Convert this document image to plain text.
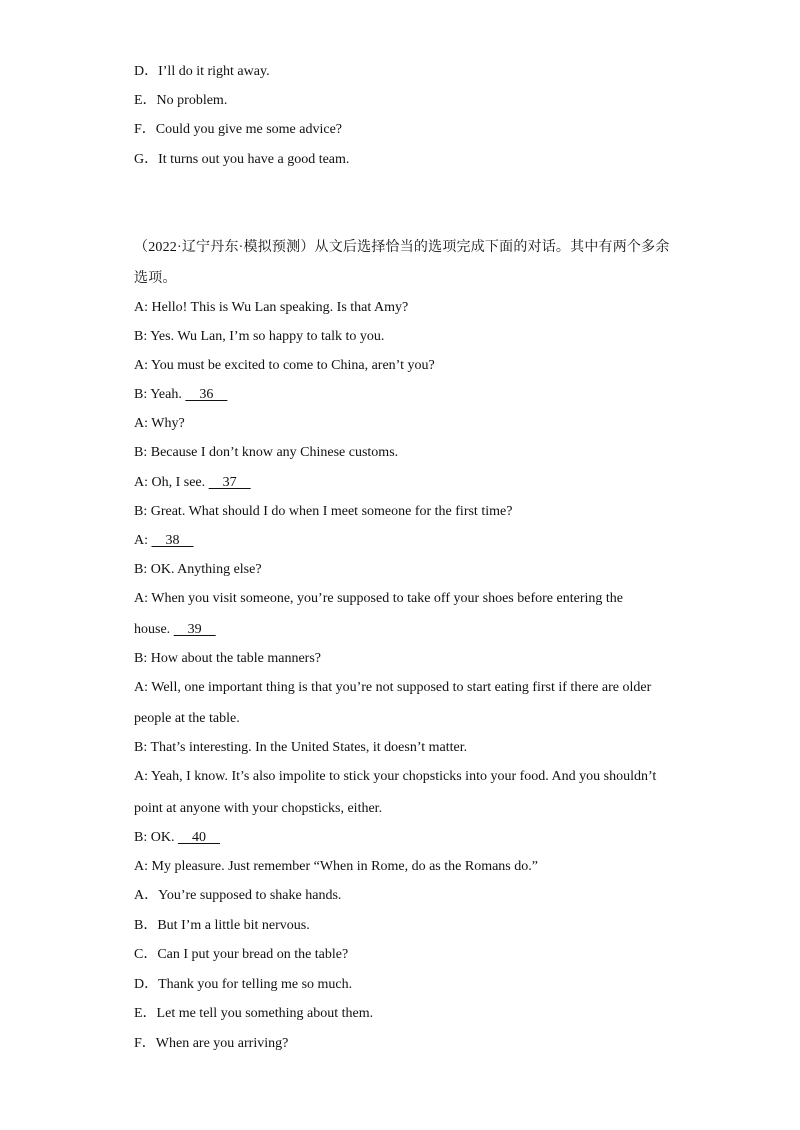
D．I’ll do it right away.
E．No problem.
F．Could you give me some advice?
G．It turns out you have a good team.
（2022·辽宁丹东·模拟预测）从文后选择恰当的选项完成下面的对话。其中有两个多余
选项。
A: Hello! This is Wu Lan speaking. Is that Amy?
B: Yes. Wu Lan, I’m so happy to talk to you.
A: You must be excited to come to China, aren’t you?
B: Yeah.     36
A: Why?
B: Because I don’t know any Chinese customs.
A: Oh, I see.     37
B: Great. What should I do when I meet someone for the first time?
A:     38
B: OK. Anything else?
A: When you visit someone, you’re supposed to take off your shoes before entering the
house.     39
B: How about the table manners?
A: Well, one important thing is that you’re not supposed to start eating first if there are older
people at the table.
B: That’s interesting. In the United States, it doesn’t matter.
A: Yeah, I know. It’s also impolite to stick your chopsticks into your food. And you shouldn’t
point at anyone with your chopsticks, either.
B: OK.     40
A: My pleasure. Just remember “When in Rome, do as the Romans do.”
A．You’re supposed to shake hands.
B．But I’m a little bit nervous.
C．Can I put your bread on the table?
D．Thank you for telling me so much.
E．Let me tell you something about them.
F．When are you arriving?
